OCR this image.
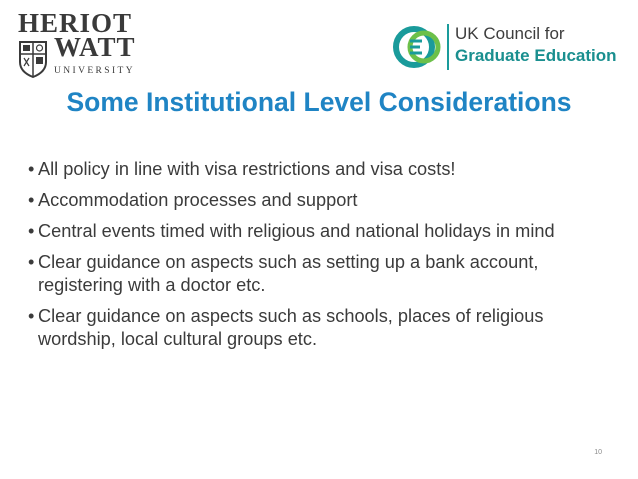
HERIOT
WATT
UNIVERSITY
UK Council for
Graduate Education
Some Institutional Level Considerations
• All policy in line with visa restrictions and visa costs!
• Accommodation processes and support
• Central events timed with religious and national holidays in mind
• Clear guidance on aspects such as setting up a bank account, registering with a doctor etc.
• Clear guidance on aspects such as schools, places of religious wordship, local cultural groups etc.
10
